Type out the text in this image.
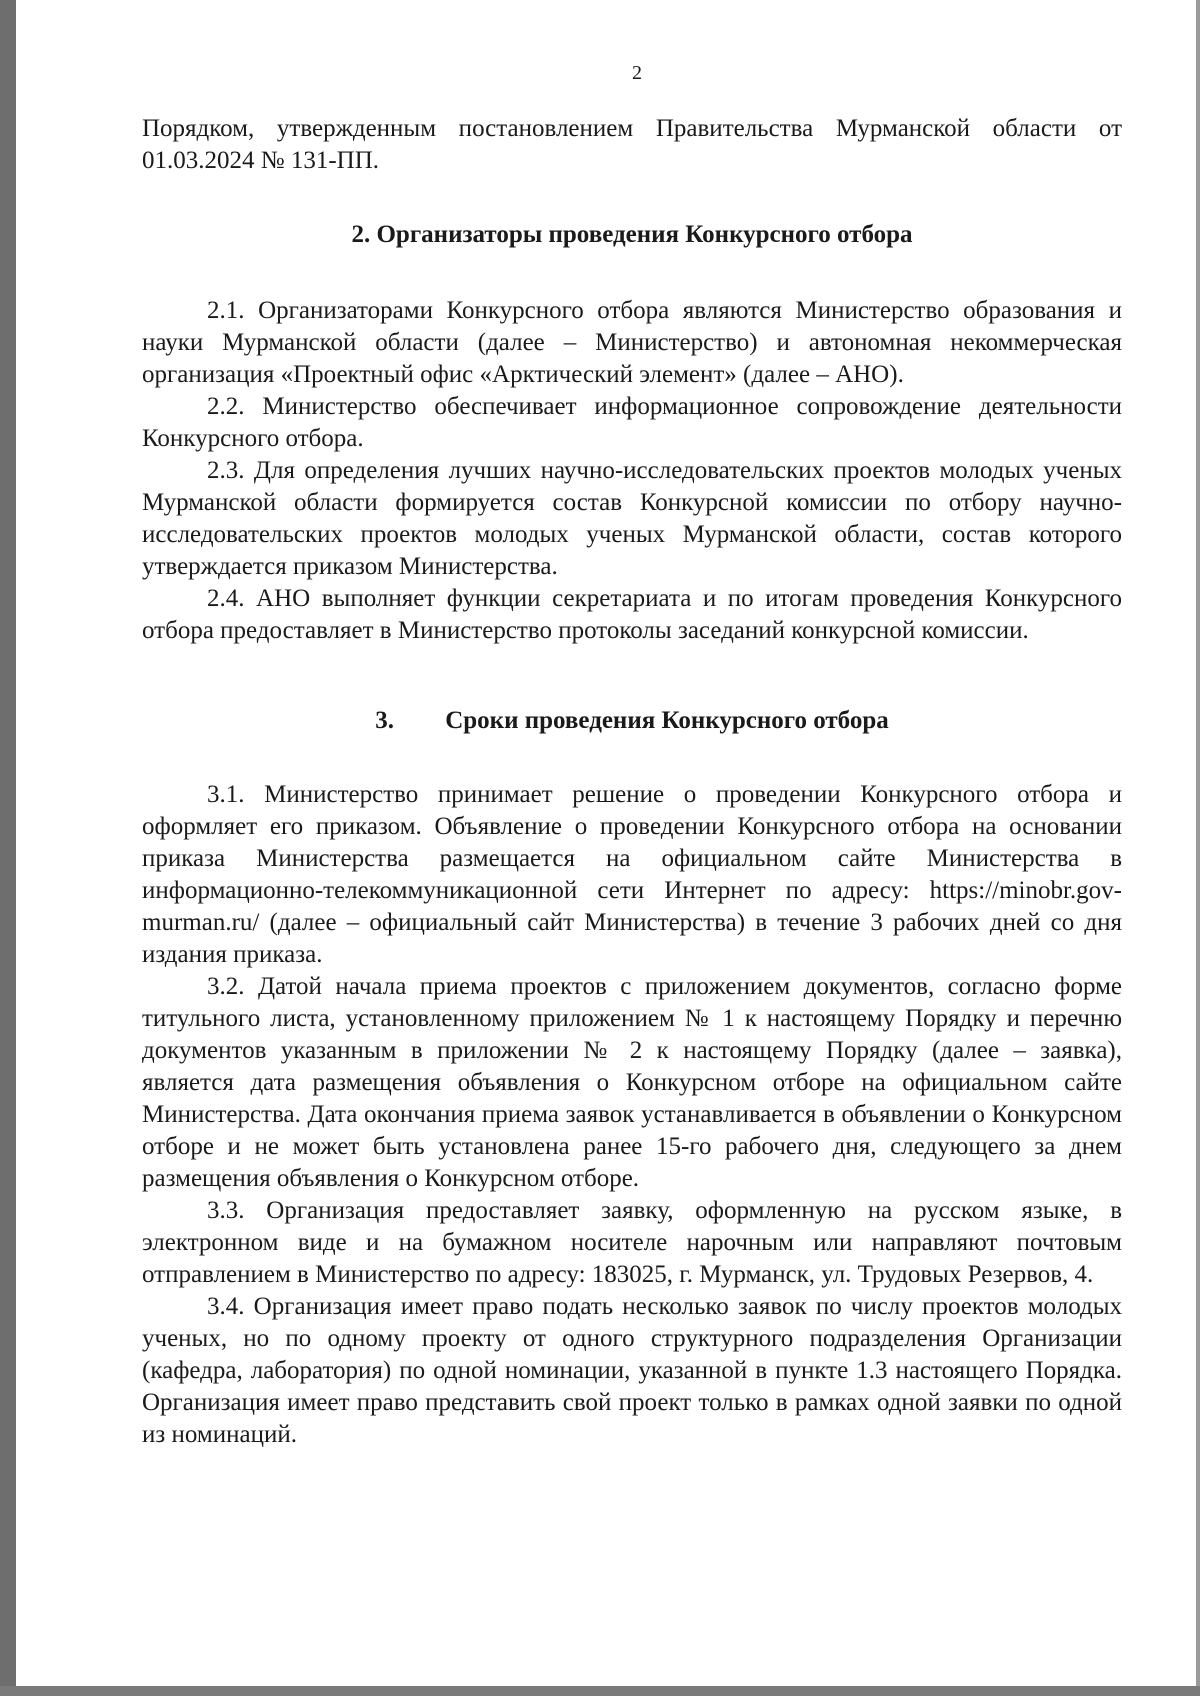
2

Порядком, утвержденным постановлением Правительства Мурманской области от 01.03.2024 № 131-ПП.

2. Организаторы проведения Конкурсного отбора

2.1. Организаторами Конкурсного отбора являются Министерство образования и науки Мурманской области (далее – Министерство) и автономная некоммерческая организация «Проектный офис «Арктический элемент» (далее – АНО).

2.2. Министерство обеспечивает информационное сопровождение деятельности Конкурсного отбора.

2.3. Для определения лучших научно-исследовательских проектов молодых ученых Мурманской области формируется состав Конкурсной комиссии по отбору научно-исследовательских проектов молодых ученых Мурманской области, состав которого утверждается приказом Министерства.

2.4. АНО выполняет функции секретариата и по итогам проведения Конкурсного отбора предоставляет в Министерство протоколы заседаний конкурсной комиссии.

3. Сроки проведения Конкурсного отбора

3.1. Министерство принимает решение о проведении Конкурсного отбора и оформляет его приказом. Объявление о проведении Конкурсного отбора на основании приказа Министерства размещается на официальном сайте Министерства в информационно-телекоммуникационной сети Интернет по адресу: https://minobr.gov-murman.ru/ (далее – официальный сайт Министерства) в течение 3 рабочих дней со дня издания приказа.

3.2. Датой начала приема проектов с приложением документов, согласно форме титульного листа, установленному приложением № 1 к настоящему Порядку и перечню документов указанным в приложении № 2 к настоящему Порядку (далее – заявка), является дата размещения объявления о Конкурсном отборе на официальном сайте Министерства. Дата окончания приема заявок устанавливается в объявлении о Конкурсном отборе и не может быть установлена ранее 15-го рабочего дня, следующего за днем размещения объявления о Конкурсном отборе.

3.3. Организация предоставляет заявку, оформленную на русском языке, в электронном виде и на бумажном носителе нарочным или направляют почтовым отправлением в Министерство по адресу: 183025, г. Мурманск, ул. Трудовых Резервов, 4.

3.4. Организация имеет право подать несколько заявок по числу проектов молодых ученых, но по одному проекту от одного структурного подразделения Организации (кафедра, лаборатория) по одной номинации, указанной в пункте 1.3 настоящего Порядка. Организация имеет право представить свой проект только в рамках одной заявки по одной из номинаций.
